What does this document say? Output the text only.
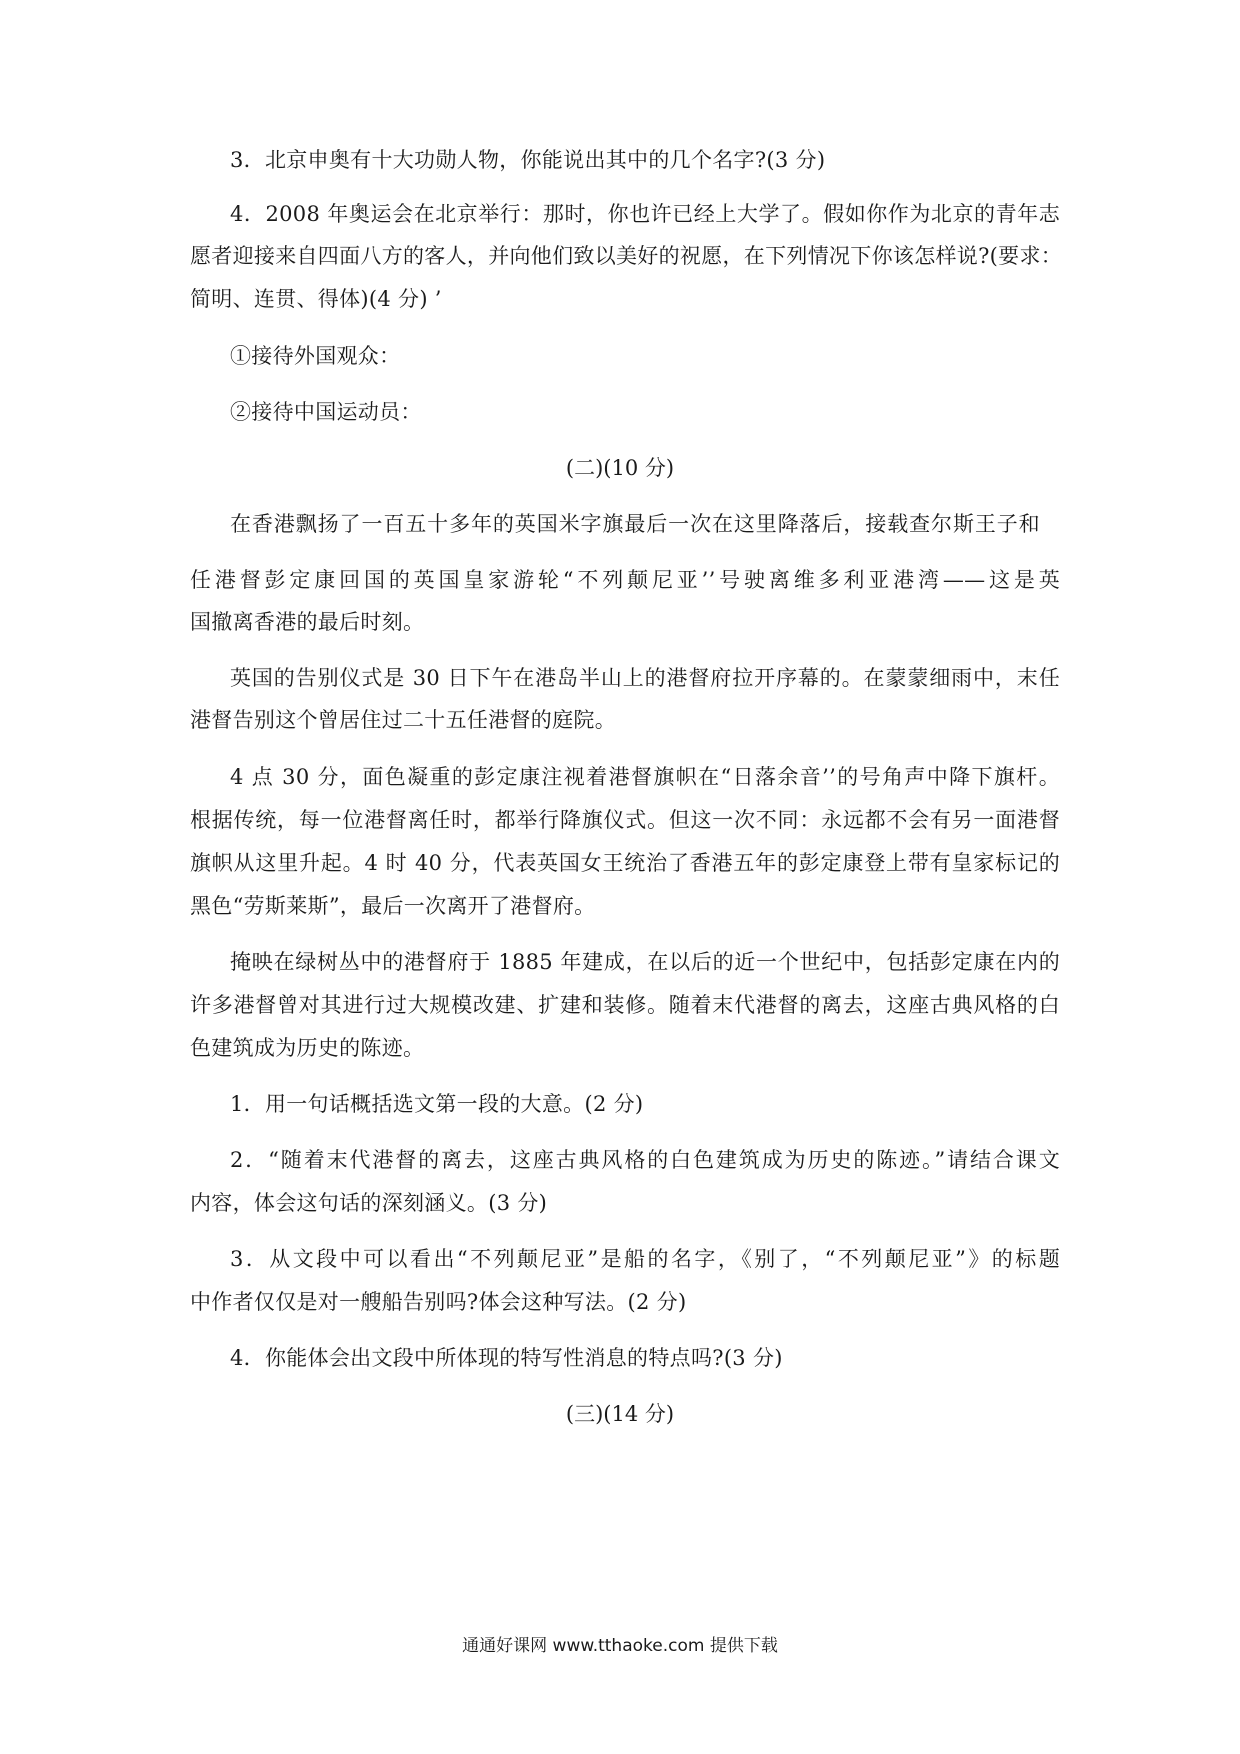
3．北京申奥有十大功勋人物，你能说出其中的几个名字?(3 分)
4．2008 年奥运会在北京举行：那时，你也许已经上大学了。假如你作为北京的青年志
愿者迎接来自四面八方的客人，并向他们致以美好的祝愿，在下列情况下你该怎样说?(要求：
简明、连贯、得体)(4 分) ’
①接待外国观众：
②接待中国运动员：
(二)(10 分)
在香港飘扬了一百五十多年的英国米字旗最后一次在这里降落后，接载查尔斯王子和
任港督彭定康回国的英国皇家游轮“不列颠尼亚’’号驶离维多利亚港湾——这是英
国撤离香港的最后时刻。
英国的告别仪式是 30 日下午在港岛半山上的港督府拉开序幕的。在蒙蒙细雨中，末任
港督告别这个曾居住过二十五任港督的庭院。
4 点 30 分，面色凝重的彭定康注视着港督旗帜在“日落余音’’的号角声中降下旗杆。
根据传统，每一位港督离任时，都举行降旗仪式。但这一次不同：永远都不会有另一面港督
旗帜从这里升起。4 时 40 分，代表英国女王统治了香港五年的彭定康登上带有皇家标记的
黑色“劳斯莱斯”，最后一次离开了港督府。
掩映在绿树丛中的港督府于 1885 年建成，在以后的近一个世纪中，包括彭定康在内的
许多港督曾对其进行过大规模改建、扩建和装修。随着末代港督的离去，这座古典风格的白
色建筑成为历史的陈迹。
1．用一句话概括选文第一段的大意。(2 分)
2．“随着末代港督的离去，这座古典风格的白色建筑成为历史的陈迹。”请结合课文
内容，体会这句话的深刻涵义。(3 分)
3．从文段中可以看出“不列颠尼亚”是船的名字，《别了，“不列颠尼亚”》的标题
中作者仅仅是对一艘船告别吗?体会这种写法。(2 分)
4．你能体会出文段中所体现的特写性消息的特点吗?(3 分)
(三)(14 分)
通通好课网 www.tthaoke.com 提供下载
